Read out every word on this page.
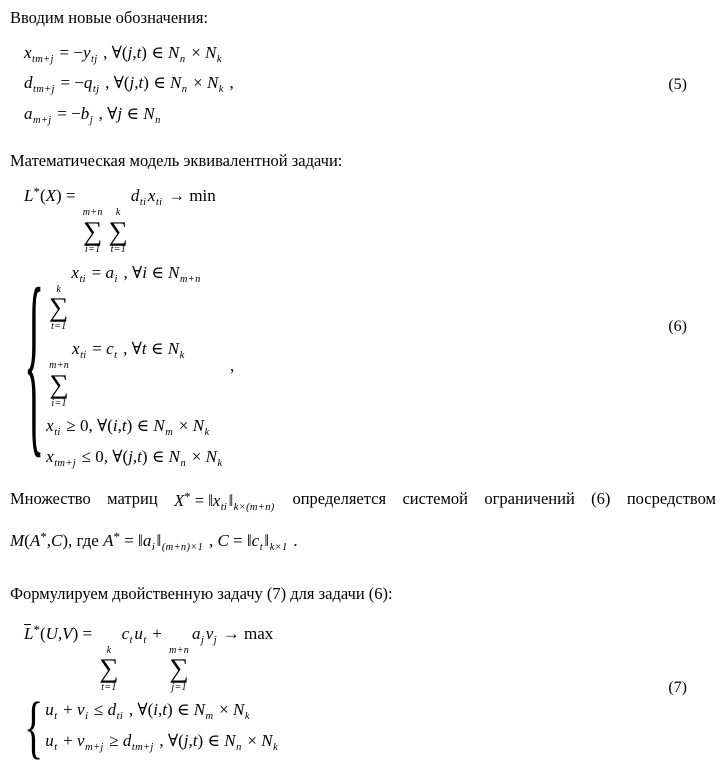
Вводим новые обозначения:

$x_{tm+j} = -y_{tj}$ , ∀(j,t) ∈ $N_n \times N_k$
$d_{tm+j} = -q_{tj}$ , ∀(j,t) ∈ $N_n \times N_k$ ,
$a_{m+j} = -b_j$ , ∀j ∈ $N_n$
(5)

Математическая модель эквивалентной задачи:

L*(X) =
m+n
∑
i=1
k
∑
t=1
$d_{ti}x_{ti} \to \min$
{ k
∑
t=1
$x_{ti} = a_i$ , ∀i ∈ $N_{m+n}$
m+n
∑
i=1
$x_{ti} = c_t$ , ∀t ∈ $N_k$
$x_{ti} \ge 0$, ∀(i,t) ∈ $N_m \times N_k$
$x_{tm+j} \le 0$, ∀(j,t) ∈ $N_n \times N_k$
,
(6)
Множество матриц $X^* = ‖x_{ti}‖_{k\times(m+n)}$ определяется системой ограничений (6) посредством
M(A*,C), где $A^* = ‖a_i‖_{(m+n)\times 1}$ , $C = ‖c_t‖_{k\times 1}$ .

Формулируем двойственную задачу (7) для задачи (6):

L*(U,V) =
k
∑
t=1
$c_tu_t$ +
m+n
∑
j=1
$a_jv_j \to \max$
{ $u_t + v_i \le d_{ti}$ , ∀(i,t) ∈ $N_m \times N_k$
$u_t + v_{m+j} \ge d_{tm+j}$ , ∀(j,t) ∈ $N_n \times N_k$
(7)
